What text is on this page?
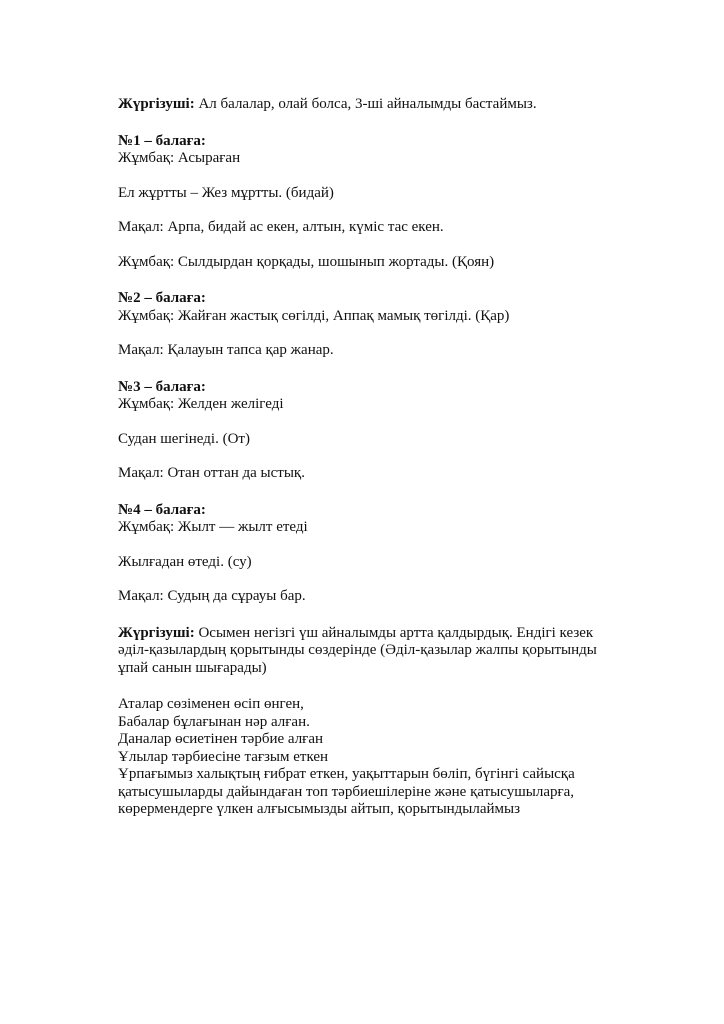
Жүргізуші: Ал балалар, олай болса, 3-ші айналымды бастаймыз.

№1 – балаға:

Жұмбақ: Асыраған

Ел жұртты – Жез мұртты. (бидай)

Мақал: Арпа, бидай ас екен, алтын, күміс тас екен.

Жұмбақ: Сылдырдан қорқады, шошынып жортады. (Қоян)

№2 – балаға:

Жұмбақ: Жайған жастық сөгілді, Аппақ мамық төгілді. (Қар)

Мақал: Қалауын тапса қар жанар.

№3 – балаға:

Жұмбақ: Желден желігеді

Судан шегінеді. (От)

Мақал: Отан оттан да ыстық.

№4 – балаға:

Жұмбақ: Жылт — жылт етеді

Жылғадан өтеді. (су)

Мақал: Судың да сұрауы бар.

Жүргізуші: Осымен негізгі үш айналымды артта қалдырдық. Ендігі кезек әділ-қазылардың қорытынды сөздерінде (Әділ-қазылар жалпы қорытынды ұпай санын шығарады)

Аталар сөзіменен өсіп өнген,

Бабалар бұлағынан нәр алған.

Даналар өсиетінен тәрбие алған

Ұлылар тәрбиесіне тағзым еткен

Ұрпағымыз халықтың ғибрат еткен, уақыттарын бөліп, бүгінгі сайысқа қатысушыларды дайындаған топ тәрбиешілеріне және қатысушыларға, көрермендерге үлкен алғысымызды айтып, қорытындылаймыз
